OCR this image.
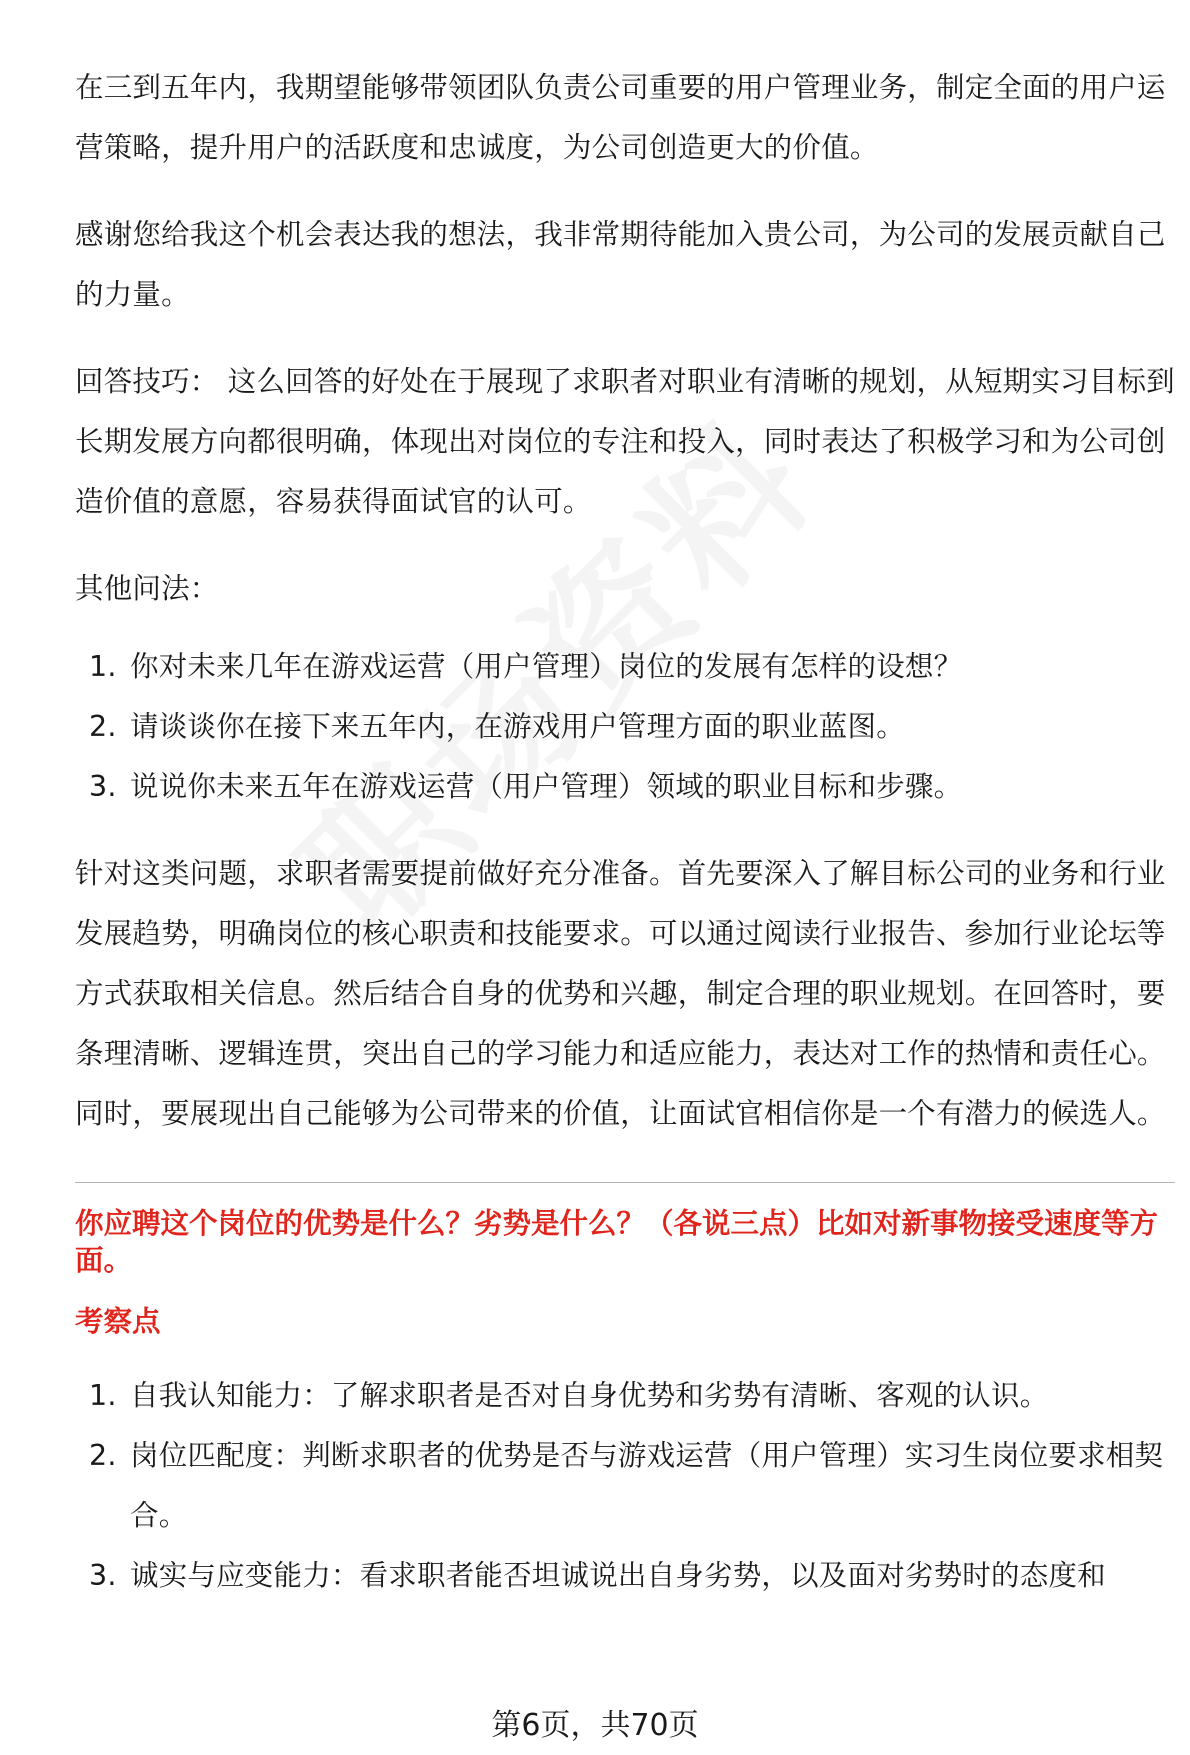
在三到五年内，我期望能够带领团队负责公司重要的用户管理业务，制定全面的用户运营策略，提升用户的活跃度和忠诚度，为公司创造更大的价值。

感谢您给我这个机会表达我的想法，我非常期待能加入贵公司，为公司的发展贡献自己的力量。

回答技巧： 这么回答的好处在于展现了求职者对职业有清晰的规划，从短期实习目标到长期发展方向都很明确，体现出对岗位的专注和投入，同时表达了积极学习和为公司创造价值的意愿，容易获得面试官的认可。

其他问法：

1. 你对未来几年在游戏运营（用户管理）岗位的发展有怎样的设想？
2. 请谈谈你在接下来五年内，在游戏用户管理方面的职业蓝图。
3. 说说你未来五年在游戏运营（用户管理）领域的职业目标和步骤。

针对这类问题，求职者需要提前做好充分准备。首先要深入了解目标公司的业务和行业发展趋势，明确岗位的核心职责和技能要求。可以通过阅读行业报告、参加行业论坛等方式获取相关信息。然后结合自身的优势和兴趣，制定合理的职业规划。在回答时，要条理清晰、逻辑连贯，突出自己的学习能力和适应能力，表达对工作的热情和责任心。同时，要展现出自己能够为公司带来的价值，让面试官相信你是一个有潜力的候选人。

你应聘这个岗位的优势是什么？劣势是什么？（各说三点）比如对新事物接受速度等方面。
考察点
1. 自我认知能力：了解求职者是否对自身优势和劣势有清晰、客观的认识。
2. 岗位匹配度：判断求职者的优势是否与游戏运营（用户管理）实习生岗位要求相契合。
3. 诚实与应变能力：看求职者能否坦诚说出自身劣势，以及面对劣势时的态度和
第6页，共70页
